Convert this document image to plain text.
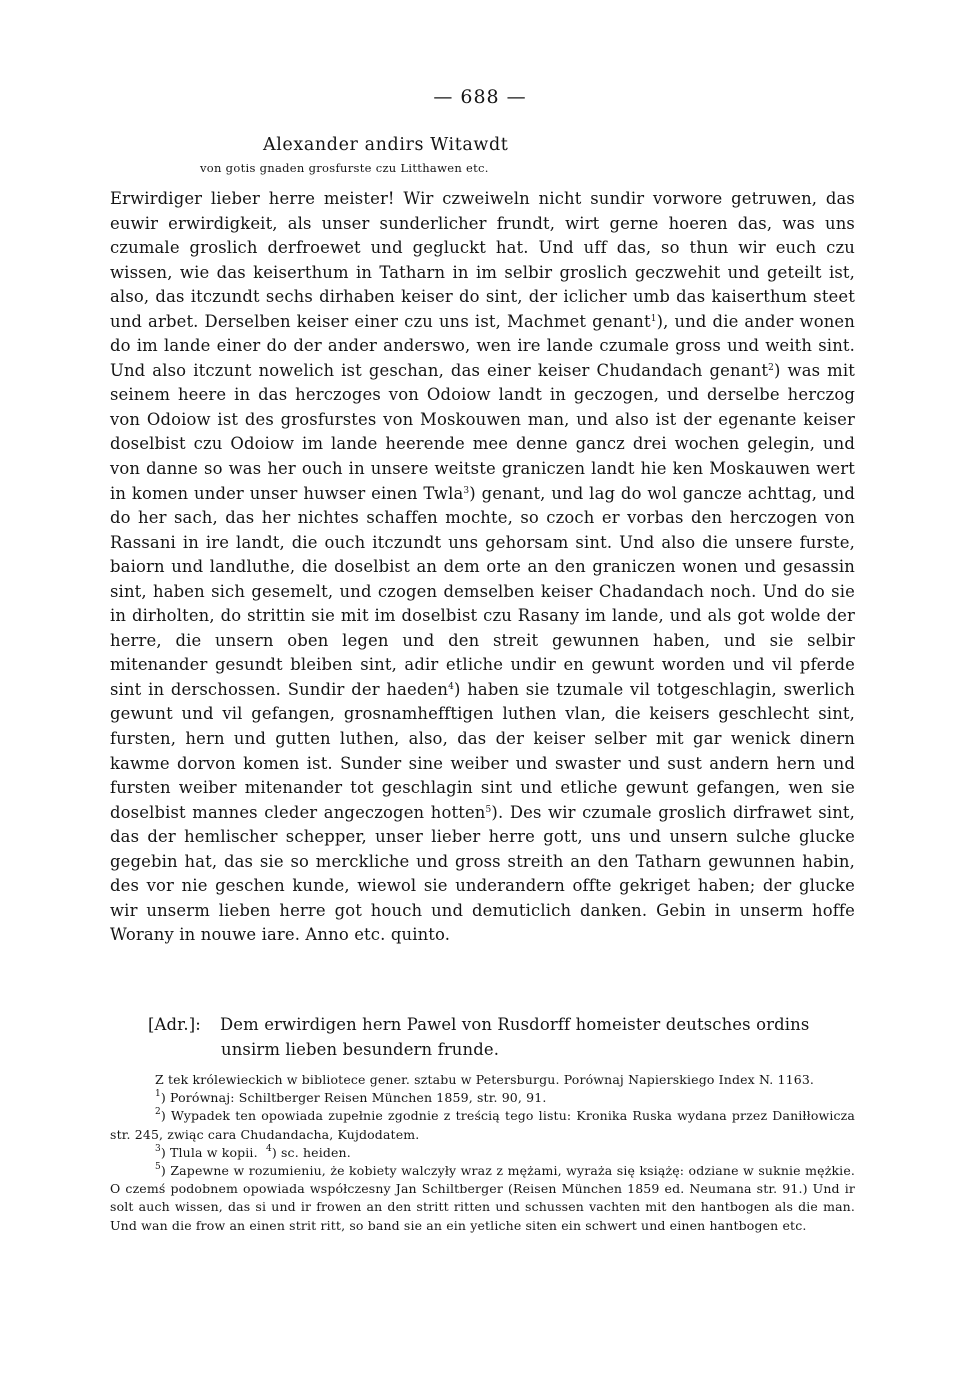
— 688 —
Alexander andirs Witawdt
von gotis gnaden grosfurste czu Litthawen etc.

Erwirdiger lieber herre meister! Wir czweiweln nicht sundir vorwore getruwen, das euwir erwirdigkeit, als unser sunderlicher frundt, wirt gerne hoeren das, was uns czumale groslich derfroewet und gegluckt hat. Und uff das, so thun wir euch czu wissen, wie das keiserthum in Tatharn in im selbir groslich geczwehit und geteilt ist, also, das itczundt sechs dirhaben keiser do sint, der iclicher umb das kaiserthum steet und arbet. Derselben keiser einer czu uns ist, Machmet genant$^1$), und die ander wonen do im lande einer do der ander anderswo, wen ire lande czumale gross und weith sint. Und also itczunt nowelich ist geschan, das einer keiser Chudandach genant$^2$) was mit seinem heere in das herczoges von Odoiow landt in geczogen, und derselbe herczog von Odoiow ist des grosfurstes von Moskouwen man, und also ist der egenante keiser doselbist czu Odoiow im lande heerende mee denne gancz drei wochen gelegin, und von danne so was her ouch in unsere weitste graniczen landt hie ken Moskauwen wert in komen under unser huwser einen Twla$^3$) genant, und lag do wol gancze achttag, und do her sach, das her nichtes schaffen mochte, so czoch er vorbas den herczogen von Rassani in ire landt, die ouch itczundt uns gehorsam sint. Und also die unsere furste, baiorn und landluthe, die doselbist an dem orte an den graniczen wonen und gesassin sint, haben sich gesemelt, und czogen demselben keiser Chadandach noch. Und do sie in dirholten, do strittin sie mit im doselbist czu Rasany im lande, und als got wolde der herre, die unsern oben legen und den streit gewunnen haben, und sie selbir mitenander gesundt bleiben sint, adir etliche undir en gewunt worden und vil pferde sint in derschossen. Sundir der haeden$^4$) haben sie tzumale vil totgeschlagin, swerlich gewunt und vil gefangen, grosnamhefftigen luthen vlan, die keisers geschlecht sint, fursten, hern und gutten luthen, also, das der keiser selber mit gar wenick dinern kawme dorvon komen ist. Sunder sine weiber und swaster und sust andern hern und fursten weiber mitenander tot geschlagin sint und etliche gewunt gefangen, wen sie doselbist mannes cleder angeczogen hotten$^5$). Des wir czumale groslich dirfrawet sint, das der hemlischer schepper, unser lieber herre gott, uns und unsern sulche glucke gegebin hat, das sie so merckliche und gross streith an den Tatharn gewunnen habin, des vor nie geschen kunde, wiewol sie underandern offte gekriget haben; der glucke wir unserm lieben herre got houch und demuticlich danken. Gebin in unserm hoffe Worany in nouwe iare. Anno etc. quinto.

[Adr.]: Dem erwirdigen hern Pawel von Rusdorff homeister deutsches ordins
unsirm lieben besundern frunde.

Z tek królewieckich w bibliotece gener. sztabu w Petersburgu. Porównaj Napierskiego Index N. 1163.

$^1$) Porównaj: Schiltberger Reisen München 1859, str. 90, 91.

$^2$) Wypadek ten opowiada zupełnie zgodnie z treścią tego listu: Kronika Ruska wydana przez Daniłłowicza str. 245, zwiąc cara Chudandacha, Kujdodatem.

$^3$) Tlula w kopii. $^4$) sc. heiden.

$^5$) Zapewne w rozumieniu, że kobiety walczyły wraz z mężami, wyraża się książę: odziane w suknie mężkie. O czemś podobnem opowiada współczesny Jan Schiltberger (Reisen München 1859 ed. Neumana str. 91.) Und ir solt auch wissen, das si und ir frowen an den stritt ritten und schussen vachten mit den hantbogen als die man. Und wan die frow an einen strit ritt, so band sie an ein yetliche siten ein schwert und einen hantbogen etc.
